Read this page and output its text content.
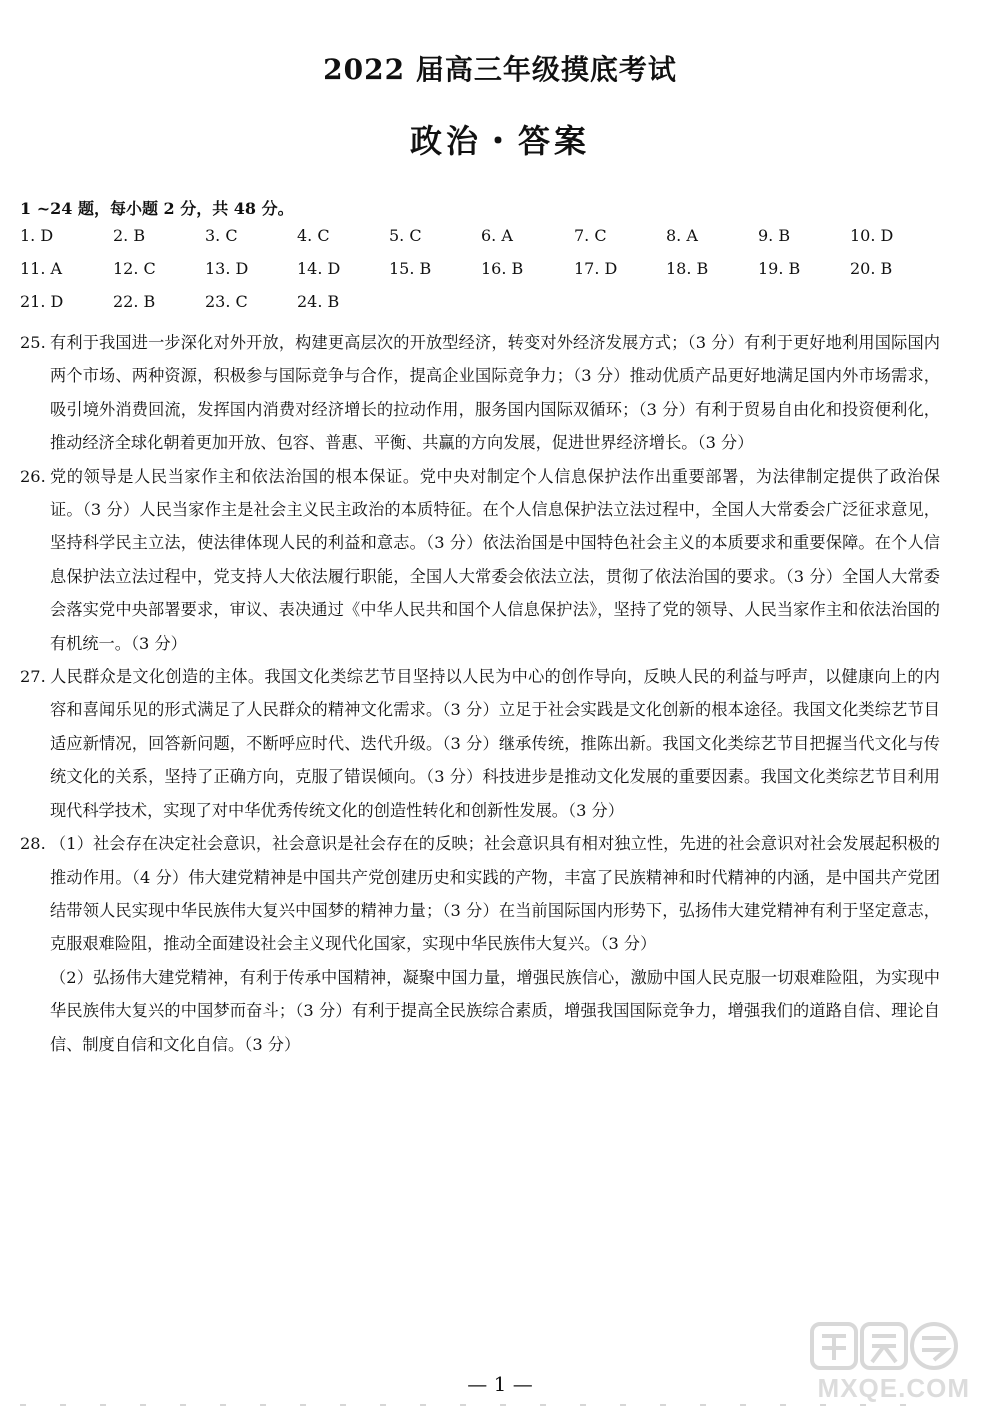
2022 届高三年级摸底考试
政治・答案
1 ~24 题，每小题 2 分，共 48 分。
1. D	2. B	3. C	4. C	5. C	6. A	7. C	8. A	9. B	10. D
11. A	12. C	13. D	14. D	15. B	16. B	17. D	18. B	19. B	20. B
21. D	22. B	23. C	24. B
25. 有利于我国进一步深化对外开放，构建更高层次的开放型经济，转变对外经济发展方式；（3 分）有利于更好地利用国际国内两个市场、两种资源，积极参与国际竞争与合作，提高企业国际竞争力；（3 分）推动优质产品更好地满足国内外市场需求，吸引境外消费回流，发挥国内消费对经济增长的拉动作用，服务国内国际双循环；（3 分）有利于贸易自由化和投资便利化，推动经济全球化朝着更加开放、包容、普惠、平衡、共赢的方向发展，促进世界经济增长。（3 分）
26. 党的领导是人民当家作主和依法治国的根本保证。党中央对制定个人信息保护法作出重要部署，为法律制定提供了政治保证。（3 分）人民当家作主是社会主义民主政治的本质特征。在个人信息保护法立法过程中，全国人大常委会广泛征求意见，坚持科学民主立法，使法律体现人民的利益和意志。（3 分）依法治国是中国特色社会主义的本质要求和重要保障。在个人信息保护法立法过程中，党支持人大依法履行职能，全国人大常委会依法立法，贯彻了依法治国的要求。（3 分）全国人大常委会落实党中央部署要求，审议、表决通过《中华人民共和国个人信息保护法》，坚持了党的领导、人民当家作主和依法治国的有机统一。（3 分）
27. 人民群众是文化创造的主体。我国文化类综艺节目坚持以人民为中心的创作导向，反映人民的利益与呼声，以健康向上的内容和喜闻乐见的形式满足了人民群众的精神文化需求。（3 分）立足于社会实践是文化创新的根本途径。我国文化类综艺节目适应新情况，回答新问题，不断呼应时代、迭代升级。（3 分）继承传统，推陈出新。我国文化类综艺节目把握当代文化与传统文化的关系，坚持了正确方向，克服了错误倾向。（3 分）科技进步是推动文化发展的重要因素。我国文化类综艺节目利用现代科学技术，实现了对中华优秀传统文化的创造性转化和创新性发展。（3 分）
28. （1）社会存在决定社会意识，社会意识是社会存在的反映；社会意识具有相对独立性，先进的社会意识对社会发展起积极的推动作用。（4 分）伟大建党精神是中国共产党创建历史和实践的产物，丰富了民族精神和时代精神的内涵，是中国共产党团结带领人民实现中华民族伟大复兴中国梦的精神力量；（3 分）在当前国际国内形势下，弘扬伟大建党精神有利于坚定意志，克服艰难险阻，推动全面建设社会主义现代化国家，实现中华民族伟大复兴。（3 分）
（2）弘扬伟大建党精神，有利于传承中国精神，凝聚中国力量，增强民族信心，激励中国人民克服一切艰难险阻，为实现中华民族伟大复兴的中国梦而奋斗；（3 分）有利于提高全民族综合素质，增强我国国际竞争力，增强我们的道路自信、理论自信、制度自信和文化自信。（3 分）
— 1 —	MXQE.COM
